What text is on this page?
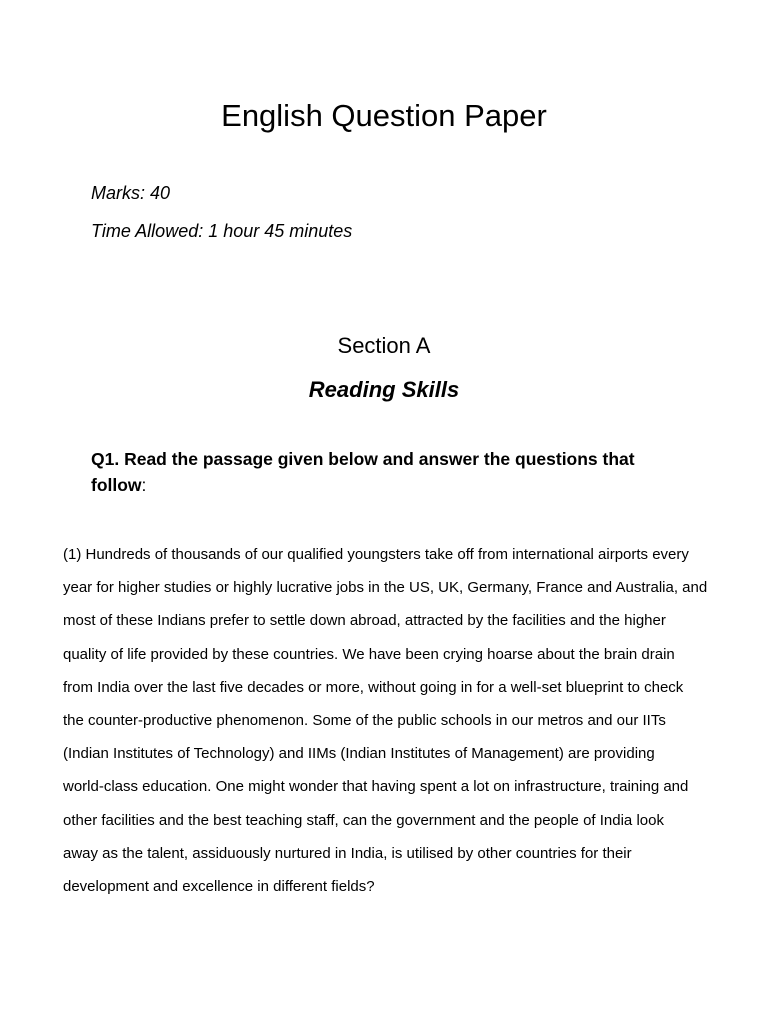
English Question Paper

Marks: 40

Time Allowed: 1 hour 45 minutes

Section A
Reading Skills

Q1. Read the passage given below and answer the questions that follow:

(1) Hundreds of thousands of our qualified youngsters take off from international airports every
year for higher studies or highly lucrative jobs in the US, UK, Germany, France and Australia, and
most of these Indians prefer to settle down abroad, attracted by the facilities and the higher
quality of life provided by these countries. We have been crying hoarse about the brain drain
from India over the last five decades or more, without going in for a well-set blueprint to check
the counter-productive phenomenon. Some of the public schools in our metros and our IITs
(Indian Institutes of Technology) and IIMs (Indian Institutes of Management) are providing
world-class education. One might wonder that having spent a lot on infrastructure, training and
other facilities and the best teaching staff, can the government and the people of India look
away as the talent, assiduously nurtured in India, is utilised by other countries for their
development and excellence in different fields?
